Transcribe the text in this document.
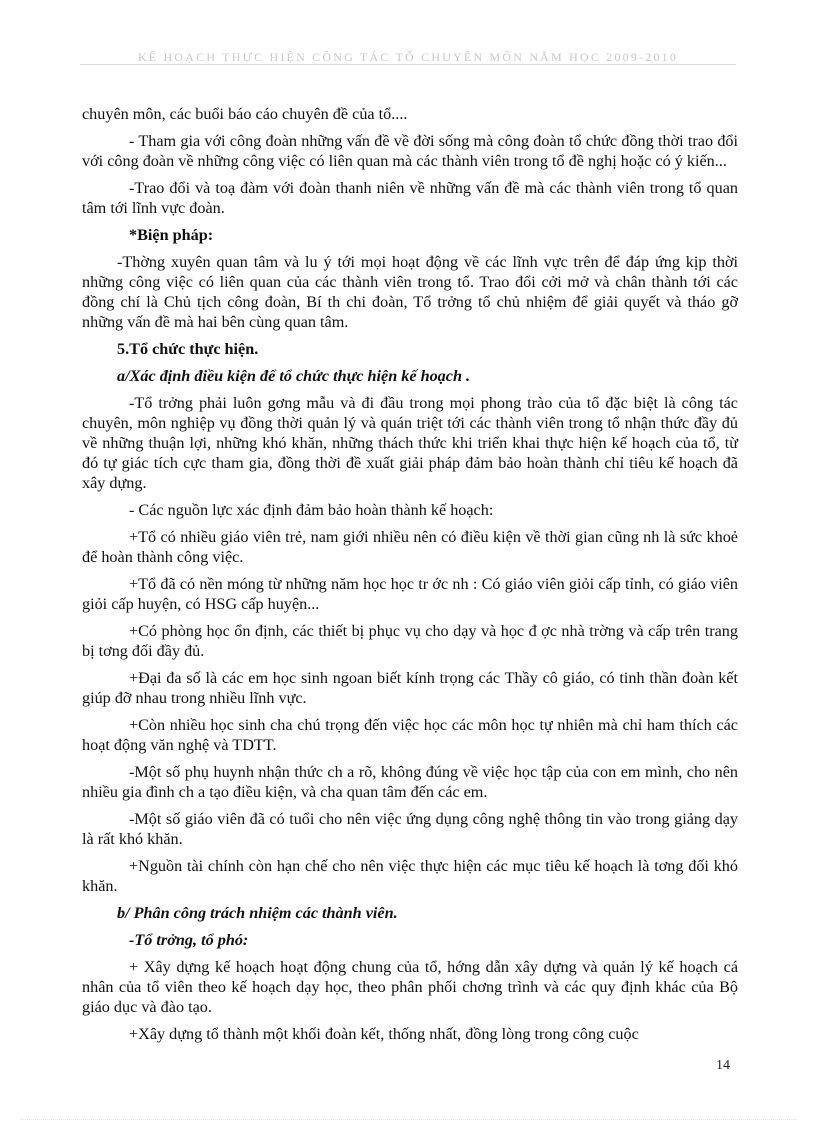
KẾ HOẠCH THỰC HIỆN CÔNG TÁC TỔ CHUYÊN MÔN NĂM HỌC 2009-2010

chuyên môn, các buổi báo cáo chuyên đề của tổ....

- Tham gia với công đoàn những vấn đề về đời sống mà công đoàn tổ chức đồng thời trao đổi với công đoàn về những công việc có liên quan mà các thành viên trong tổ đề nghị hoặc có ý kiến...

-Trao đổi và toạ đàm với đoàn thanh niên về những vấn đề mà các thành viên trong tổ quan tâm tới lĩnh vực đoàn.

*Biện pháp:

-Thờng xuyên quan tâm và lu ý tới mọi hoạt động về các lĩnh vực trên để đáp ứng kịp thời những công việc có liên quan của các thành viên trong tổ. Trao đổi cởi mở và chân thành tới các đồng chí là Chủ tịch công đoàn, Bí th chi đoàn, Tổ trởng tổ chủ nhiệm để giải quyết và tháo gỡ những vấn đề mà hai bên cùng quan tâm.

5.Tổ chức thực hiện.

a/Xác định điều kiện để tổ chức thực hiện kế hoạch .

-Tổ trởng phải luôn gơng mẫu và đi đầu trong mọi phong trào của tổ đặc biệt là công tác chuyên, môn nghiệp vụ đồng thời quản lý và quán triệt tới các thành viên trong tổ nhận thức đầy đủ về những thuận lợi, những khó khăn, những thách thức khi triển khai thực hiện kế hoạch của tổ, từ đó tự giác tích cực tham gia, đồng thời đề xuất giải pháp đảm bảo hoàn thành chỉ tiêu kế hoạch đã xây dựng.

- Các nguồn lực xác định đảm bảo hoàn thành kế hoạch:

+Tổ có nhiều giáo viên trẻ, nam giới nhiều nên có điều kiện về thời gian cũng nh là sức khoẻ để hoàn thành công việc.

+Tổ đã có nền móng từ những năm học học tr ớc nh : Có giáo viên giỏi cấp tỉnh, có giáo viên giỏi cấp huyện, có HSG cấp huyện...

+Có phòng học ổn định, các thiết bị phục vụ cho dạy và học đ ợc nhà trờng và cấp trên trang bị tơng đối đầy đủ.

+Đại đa số là các em học sinh ngoan biết kính trọng các Thầy cô giáo, có tinh thần đoàn kết giúp đỡ nhau trong nhiều lĩnh vực.

+Còn nhiều học sinh cha chú trọng đến việc học các môn học tự nhiên mà chỉ ham thích các hoạt động văn nghệ và TDTT.

-Một số phụ huynh nhận thức ch a rõ, không đúng về việc học tập của con em mình, cho nên nhiều gia đình ch a tạo điều kiện, và cha quan tâm đến các em.

-Một số giáo viên đã có tuổi cho nên việc ứng dụng công nghệ thông tin vào trong giảng dạy là rất khó khăn.

+Nguồn tài chính còn hạn chế cho nên việc thực hiện các mục tiêu kế hoạch là tơng đối khó khăn.

b/ Phân công trách nhiệm các thành viên.

-Tổ trởng, tổ phó:

+ Xây dựng kế hoạch hoạt động chung của tổ, hớng dẫn xây dựng và quản lý kế hoạch cá nhân của tổ viên theo kế hoạch dạy học, theo phân phối chơng trình và các quy định khác của Bộ giáo dục và đào tạo.

+Xây dựng tổ thành một khối đoàn kết, thống nhất, đồng lòng trong công cuộc

14
